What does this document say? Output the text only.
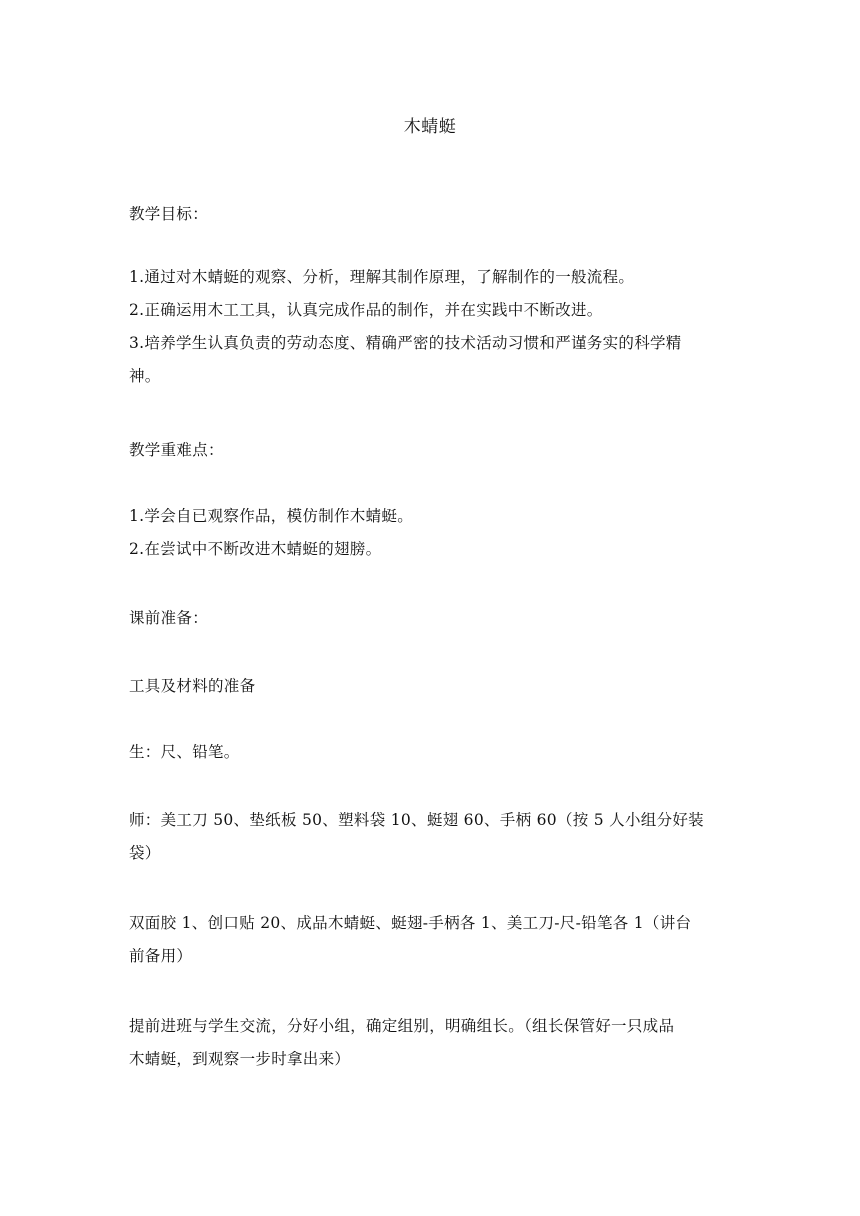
木蜻蜓
教学目标：
1.通过对木蜻蜓的观察、分析，理解其制作原理，了解制作的一般流程。
2.正确运用木工工具，认真完成作品的制作，并在实践中不断改进。
3.培养学生认真负责的劳动态度、精确严密的技术活动习惯和严谨务实的科学精
神。
教学重难点：
1.学会自已观察作品，模仿制作木蜻蜓。
2.在尝试中不断改进木蜻蜓的翅膀。
课前准备：
工具及材料的准备
生：尺、铅笔。
师：美工刀 50、垫纸板 50、塑料袋 10、蜓翅 60、手柄 60（按 5 人小组分好装
袋）
双面胶 1、创口贴 20、成品木蜻蜓、蜓翅-手柄各 1、美工刀-尺-铅笔各 1（讲台
前备用）
提前进班与学生交流，分好小组，确定组别，明确组长。（组长保管好一只成品
木蜻蜓，到观察一步时拿出来）
